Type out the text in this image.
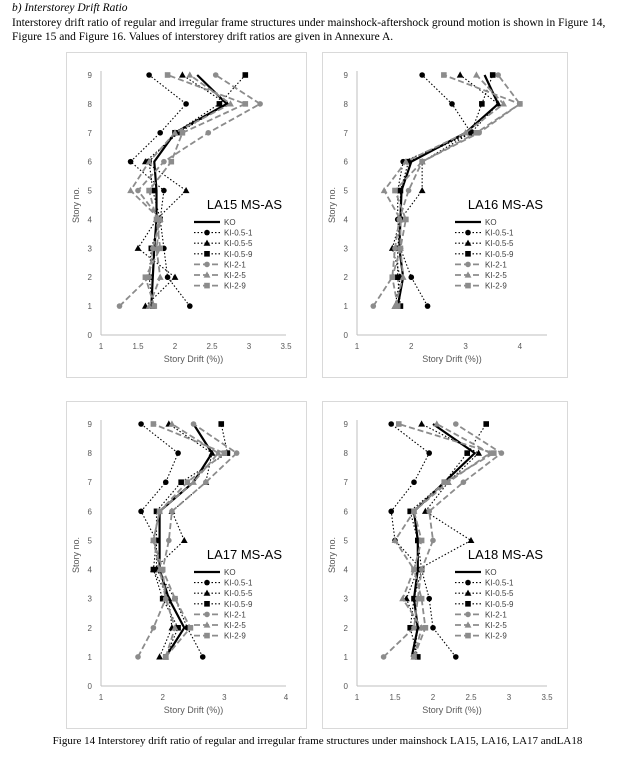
b) Interstorey Drift Ratio
Interstorey drift ratio of regular and irregular frame structures under mainshock-aftershock ground motion is shown in Figure 14, Figure 15 and Figure 16. Values of interstorey drift ratios are given in Annexure A.
0
1
2
3
4
5
6
7
8
9
1	1.5	2	2.5	3	3.5
Story Drift (%))
Story no.	LA15 MS-AS
KO
KI-0.5-1
KI-0.5-5
KI-0.5-9
KI-2-1
KI-2-5
KI-2-9
0
1
2
3
4
5
6
7
8
9
1	2	3	4
Story Drift (%))
Story no.	LA16 MS-AS
KO
KI-0.5-1
KI-0.5-5
KI-0.5-9
KI-2-1
KI-2-5
KI-2-9
0
1
2
3
4
5
6
7
8
9
1	2	3	4
Story Drift (%))
Story no.	LA17 MS-AS
KO
KI-0.5-1
KI-0.5-5
KI-0.5-9
KI-2-1
KI-2-5
KI-2-9
0
1
2
3
4
5
6
7
8
9
1	1.5	2	2.5	3	3.5
Story Drift (%))
Story no.	LA18 MS-AS
KO
KI-0.5-1
KI-0.5-5
KI-0.5-9
KI-2-1
KI-2-5
KI-2-9
Figure 14 Interstorey drift ratio of regular and irregular frame structures under mainshock LA15, LA16, LA17 andLA18
